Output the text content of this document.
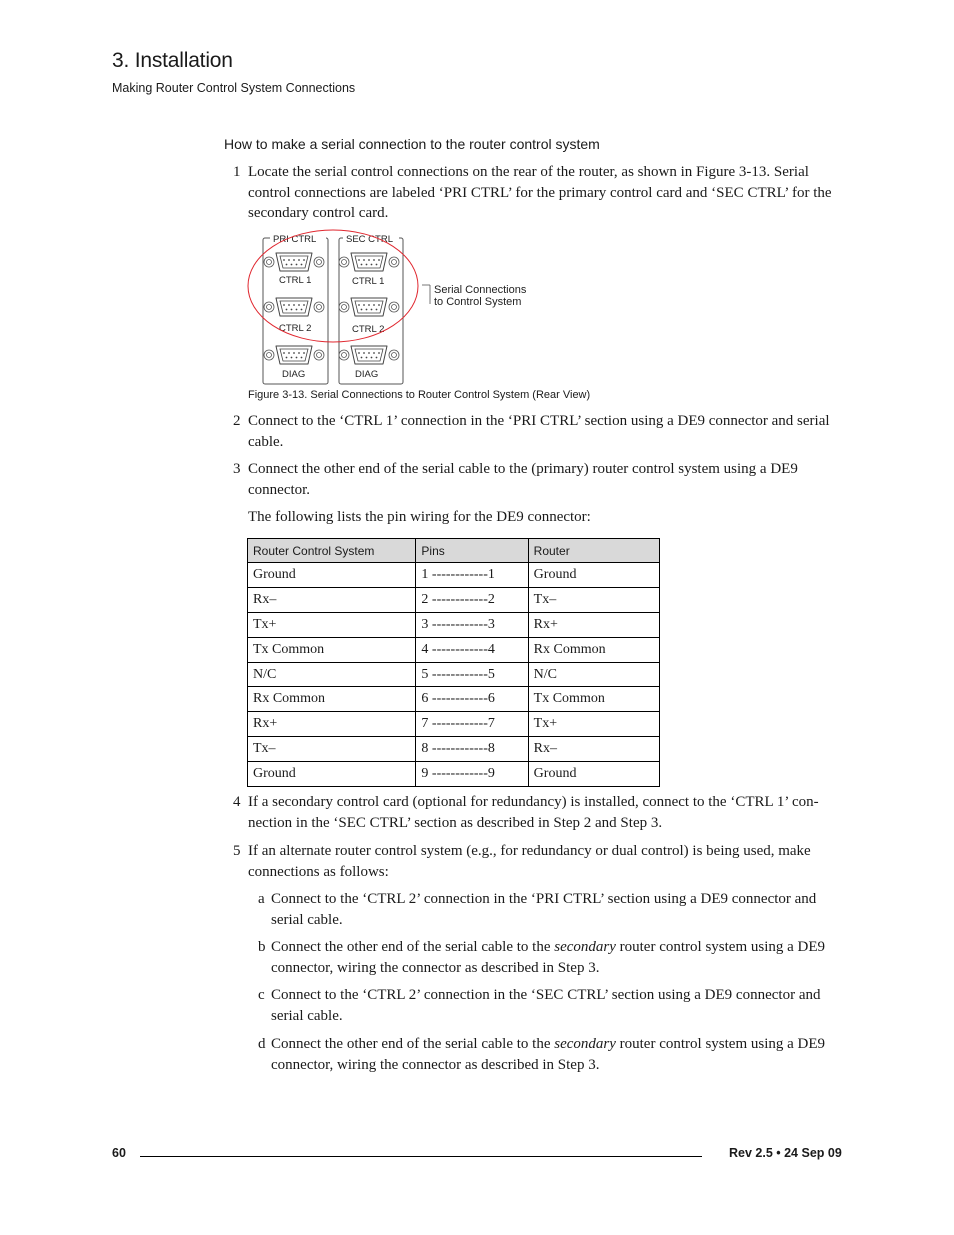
3. Installation
Making Router Control System Connections
How to make a serial connection to the router control system
1 Locate the serial control connections on the rear of the router, as shown in Figure 3-13. Serial control connections are labeled ‘PRI CTRL’ for the primary control card and ‘SEC CTRL’ for the secondary control card.
PRI CTRL	SEC CTRL
CTRL 1	CTRL 1
CTRL 2	CTRL 2
DIAG	DIAG
Serial Connections
to Control System
Figure 3-13. Serial Connections to Router Control System (Rear View)
2 Connect to the ‘CTRL 1’ connection in the ‘PRI CTRL’ section using a DE9 connector and serial cable.
3 Connect the other end of the serial cable to the (primary) router control system using a DE9 connector.
The following lists the pin wiring for the DE9 connector:
Router Control System	Pins	Router
Ground	1 ------------1	Ground
Rx–	2 ------------2	Tx–
Tx+	3 ------------3	Rx+
Tx Common	4 ------------4	Rx Common
N/C	5 ------------5	N/C
Rx Common	6 ------------6	Tx Common
Rx+	7 ------------7	Tx+
Tx–	8 ------------8	Rx–
Ground	9 ------------9	Ground
4 If a secondary control card (optional for redundancy) is installed, connect to the ‘CTRL 1’ con-nection in the ‘SEC CTRL’ section as described in Step 2 and Step 3.
5 If an alternate router control system (e.g., for redundancy or dual control) is being used, make connections as follows:
a Connect to the ‘CTRL 2’ connection in the ‘PRI CTRL’ section using a DE9 connector and serial cable.
b Connect the other end of the serial cable to the secondary router control system using a DE9 connector, wiring the connector as described in Step 3.
c Connect to the ‘CTRL 2’ connection in the ‘SEC CTRL’ section using a DE9 connector and serial cable.
d Connect the other end of the serial cable to the secondary router control system using a DE9 connector, wiring the connector as described in Step 3.
60	Rev 2.5 • 24 Sep 09
